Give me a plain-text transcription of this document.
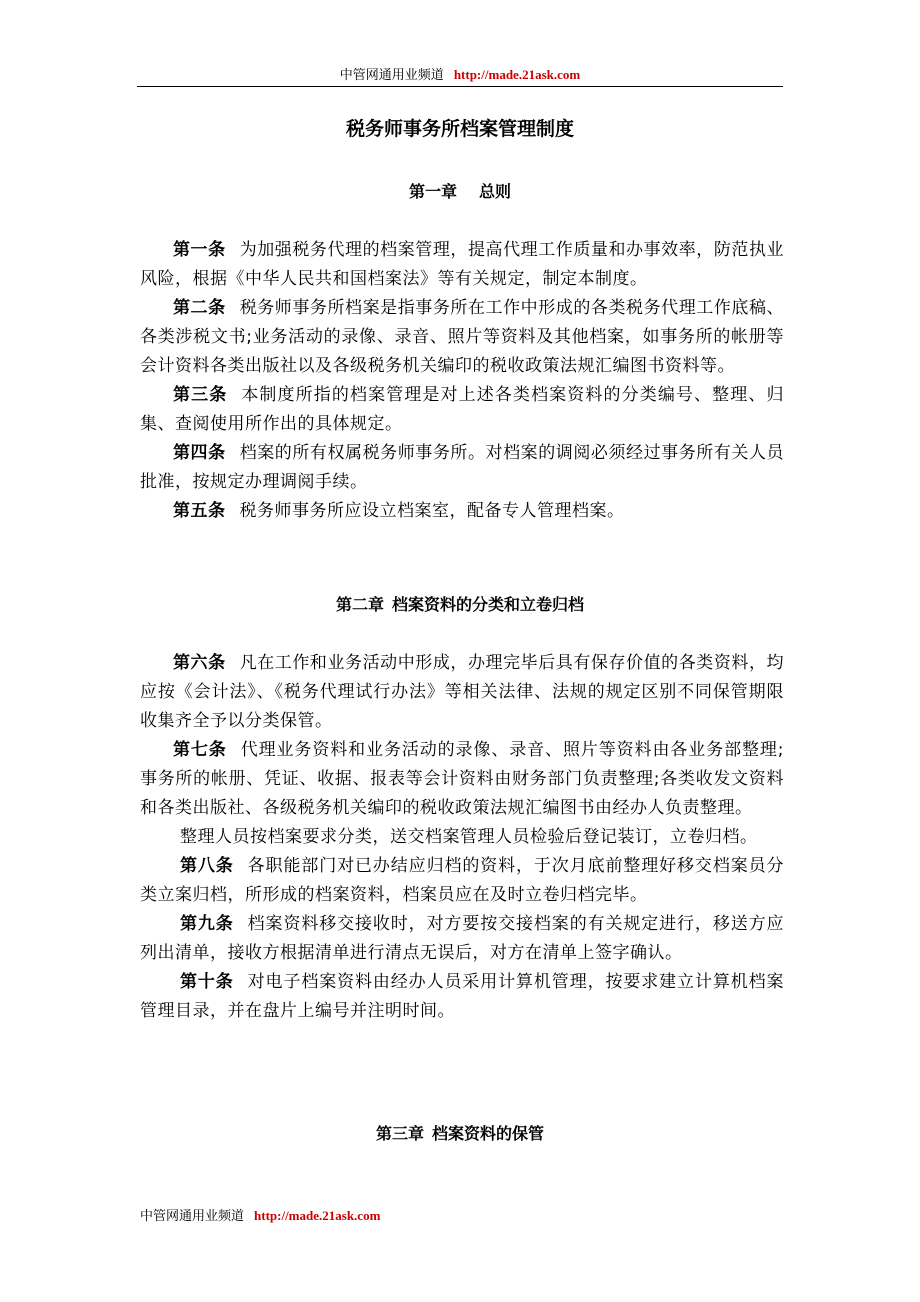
中管网通用业频道 http://made.21ask.com
税务师事务所档案管理制度
第一章 总则

第一条 为加强税务代理的档案管理，提高代理工作质量和办事效率，防范执业风险，根据《中华人民共和国档案法》等有关规定，制定本制度。

第二条 税务师事务所档案是指事务所在工作中形成的各类税务代理工作底稿、各类涉税文书;业务活动的录像、录音、照片等资料及其他档案，如事务所的帐册等会计资料各类出版社以及各级税务机关编印的税收政策法规汇编图书资料等。

第三条 本制度所指的档案管理是对上述各类档案资料的分类编号、整理、归集、查阅使用所作出的具体规定。

第四条 档案的所有权属税务师事务所。对档案的调阅必须经过事务所有关人员批准，按规定办理调阅手续。

第五条 税务师事务所应设立档案室，配备专人管理档案。

第二章 档案资料的分类和立卷归档

第六条 凡在工作和业务活动中形成，办理完毕后具有保存价值的各类资料，均应按《会计法》、《税务代理试行办法》等相关法律、法规的规定区别不同保管期限收集齐全予以分类保管。

第七条 代理业务资料和业务活动的录像、录音、照片等资料由各业务部整理;事务所的帐册、凭证、收据、报表等会计资料由财务部门负责整理;各类收发文资料和各类出版社、各级税务机关编印的税收政策法规汇编图书由经办人负责整理。

整理人员按档案要求分类，送交档案管理人员检验后登记装订，立卷归档。

第八条 各职能部门对已办结应归档的资料，于次月底前整理好移交档案员分类立案归档，所形成的档案资料，档案员应在及时立卷归档完毕。

第九条 档案资料移交接收时，对方要按交接档案的有关规定进行，移送方应列出清单，接收方根据清单进行清点无误后，对方在清单上签字确认。

第十条 对电子档案资料由经办人员采用计算机管理，按要求建立计算机档案管理目录，并在盘片上编号并注明时间。

第三章 档案资料的保管
中管网通用业频道 http://made.21ask.com
